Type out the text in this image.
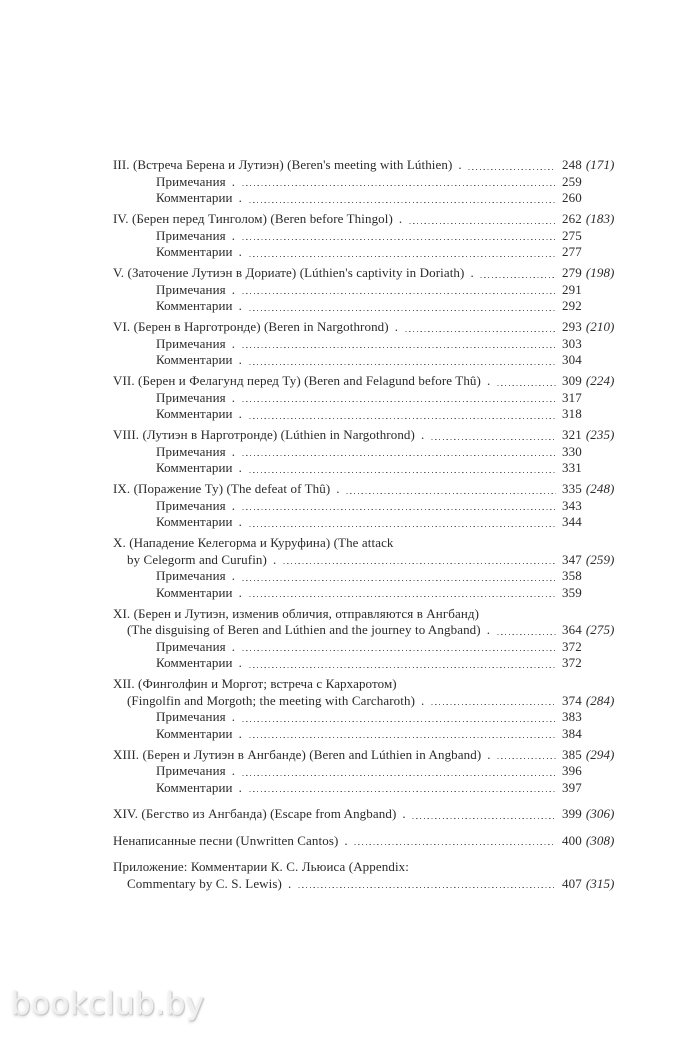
III. (Встреча Берена и Лутиэн) (Beren's meeting with Lúthien) .	248 (171)
Примечания .	259
Комментарии .	260
IV. (Берен перед Тинголом) (Beren before Thingol) .	262 (183)
Примечания .	275
Комментарии .	277
V. (Заточение Лутиэн в Дориате) (Lúthien's captivity in Doriath) .	279 (198)
Примечания .	291
Комментарии .	292
VI. (Берен в Нарготронде) (Beren in Nargothrond) .	293 (210)
Примечания .	303
Комментарии .	304
VII. (Берен и Фелагунд перед Ту) (Beren and Felagund before Thû) .	309 (224)
Примечания .	317
Комментарии .	318
VIII. (Лутиэн в Нарготронде) (Lúthien in Nargothrond) .	321 (235)
Примечания .	330
Комментарии .	331
IX. (Поражение Ту) (The defeat of Thû) .	335 (248)
Примечания .	343
Комментарии .	344
X. (Нападение Келегорма и Куруфина) (The attack
by Celegorm and Curufin) .	347 (259)
Примечания .	358
Комментарии .	359
XI. (Берен и Лутиэн, изменив обличия, отправляются в Ангбанд)
(The disguising of Beren and Lúthien and the journey to Angband) .	364 (275)
Примечания .	372
Комментарии .	372
XII. (Финголфин и Моргот; встреча с Кархаротом)
(Fingolfin and Morgoth; the meeting with Carcharoth) .	374 (284)
Примечания .	383
Комментарии .	384
XIII. (Берен и Лутиэн в Ангбанде) (Beren and Lúthien in Angband) .	385 (294)
Примечания .	396
Комментарии .	397
XIV. (Бегство из Ангбанда) (Escape from Angband) .	399 (306)
Ненаписанные песни (Unwritten Cantos) .	400 (308)
Приложение: Комментарии К. С. Льюиса (Appendix:
Commentary by C. S. Lewis) .	407 (315)
bookclub.by
